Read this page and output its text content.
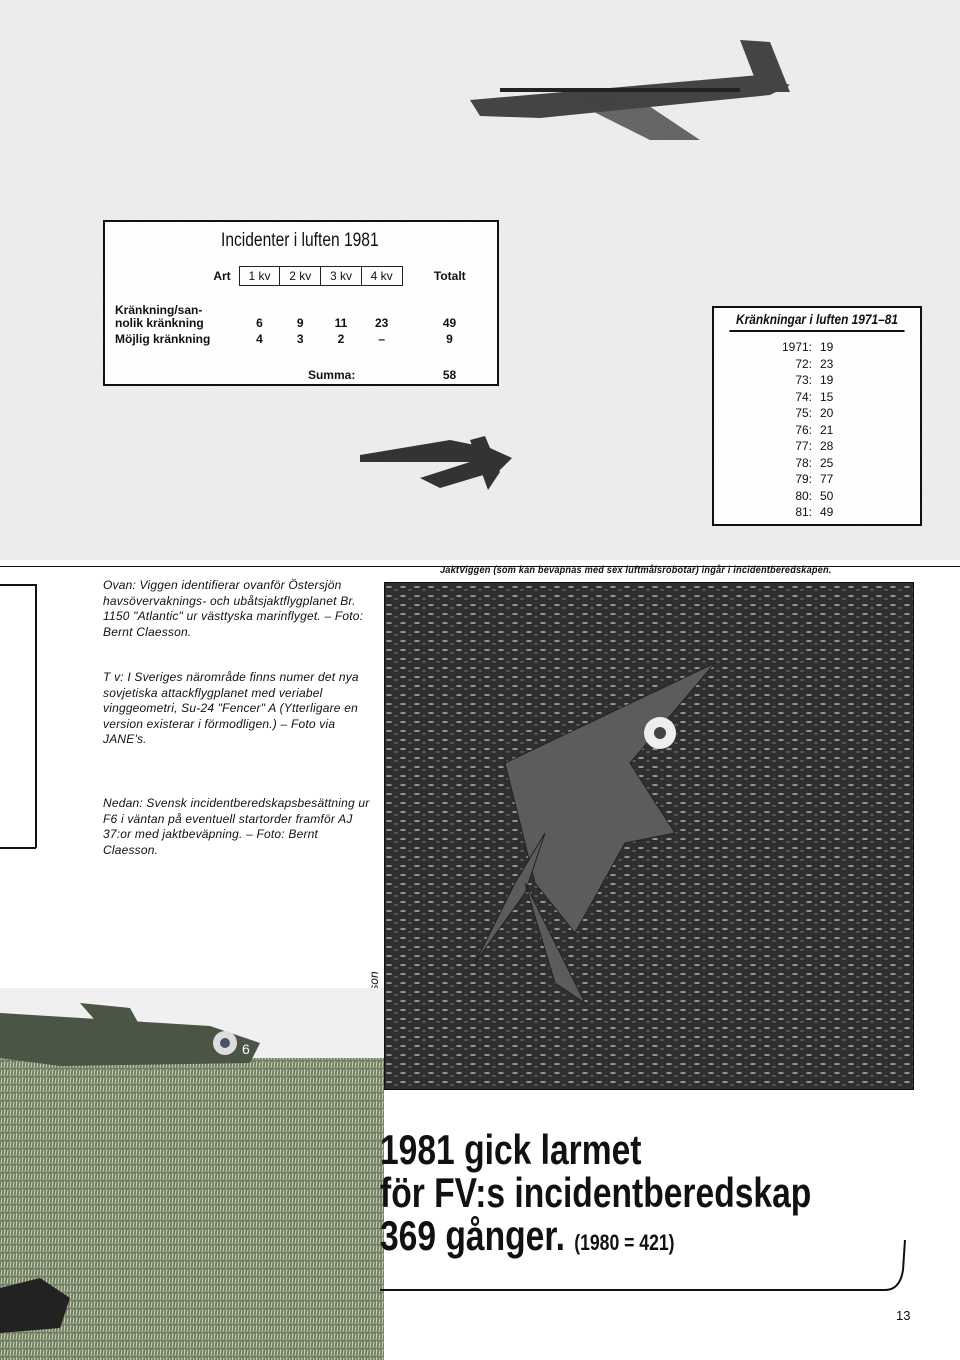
Incidenter i luften 1981
Art	1 kv	2 kv	3 kv	4 kv	Totalt

Kränkning/san-
nolik kränkning	6	9	11	23	49
Möjlig kränkning	4	3	2	–	9

Summa:					58
Kränkningar i luften 1971–81
1971: 19
72: 23
73: 19
74: 15
75: 20
76: 21
77: 28
78: 25
79: 77
80: 50
81: 49
Ovan: Viggen identifierar ovanför Östersjön havsövervaknings- och ubåtsjaktflygplanet Br. 1150 "Atlantic" ur västtyska marinflyget. – Foto: Bernt Claesson.
T v: I Sveriges närområde finns numer det nya sovjetiska attackflygplanet med veriabel vinggeometri, Su-24 "Fencer" A (Ytterligare en version existerar i förmodligen.) – Foto via JANE's.
Nedan: Svensk incidentberedskapsbesättning ur F6 i väntan på eventuell startorder framför AJ 37:or med jaktbeväpning. – Foto: Bernt Claesson.
JaktViggen (som kan beväpnas med sex luftmålsrobotar) ingår i incidentberedskapen.
6
1981 gick larmet
för FV:s incidentberedskap
369 gånger. (1980 = 421)
13
